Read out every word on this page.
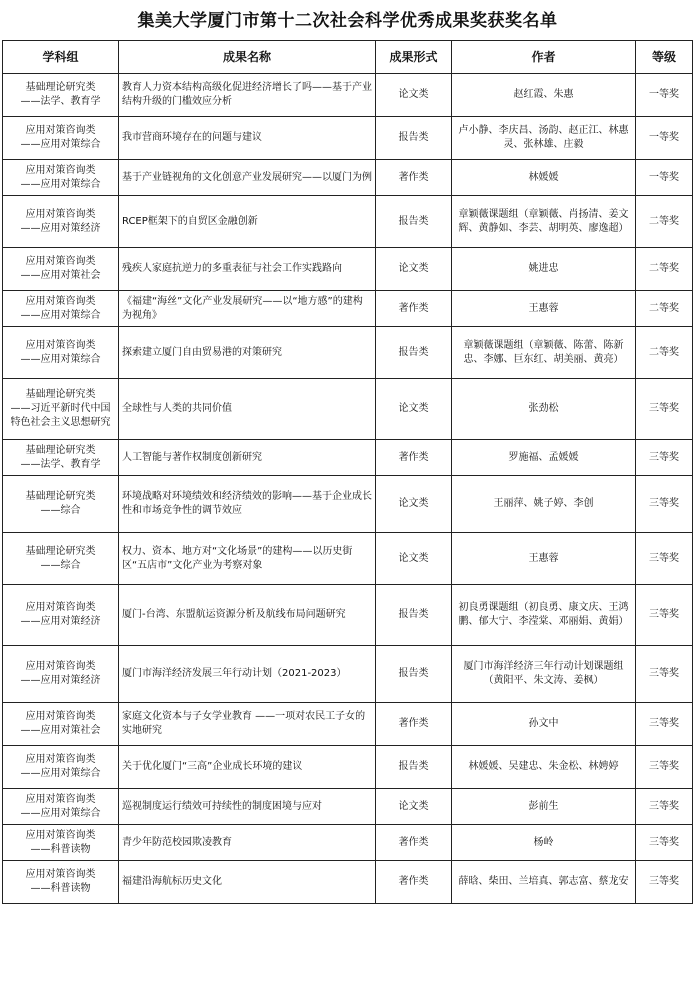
集美大学厦门市第十二次社会科学优秀成果奖获奖名单
学科组	成果名称	成果形式	作者	等级

基础理论研究类
——法学、教育学	教育人力资本结构高级化促进经济增长了吗——基于产业结构升级的门槛效应分析	论文类	赵红霞、朱惠	一等奖

应用对策咨询类
——应用对策综合	我市营商环境存在的问题与建议	报告类	卢小静、李庆昌、汤韵、赵正江、林惠灵、张林雄、庄毅	一等奖

应用对策咨询类
——应用对策综合	基于产业链视角的文化创意产业发展研究——以厦门为例	著作类	林媛媛	一等奖

应用对策咨询类
——应用对策经济	RCEP框架下的自贸区金融创新	报告类	章颖薇课题组（章颖薇、肖扬清、姜文辉、黄静如、李芸、胡明英、廖逸超）	二等奖

应用对策咨询类
——应用对策社会	残疾人家庭抗逆力的多重表征与社会工作实践路向	论文类	姚进忠	二等奖

应用对策咨询类
——应用对策综合	《福建“海丝”文化产业发展研究——以“地方感”的建构为视角》	著作类	王惠蓉	二等奖

应用对策咨询类
——应用对策综合	探索建立厦门自由贸易港的对策研究	报告类	章颖薇课题组（章颖薇、陈蕾、陈新忠、李娜、巨东红、胡美丽、黄亮）	二等奖

基础理论研究类
——习近平新时代中国特色社会主义思想研究	全球性与人类的共同价值	论文类	张劲松	三等奖

基础理论研究类
——法学、教育学	人工智能与著作权制度创新研究	著作类	罗施福、孟媛媛	三等奖

基础理论研究类
——综合	环境战略对环境绩效和经济绩效的影响——基于企业成长性和市场竞争性的调节效应	论文类	王丽萍、姚子婷、李创	三等奖

基础理论研究类
——综合	权力、资本、地方对“文化场景”的建构——以历史街区“五店市”文化产业为考察对象	论文类	王惠蓉	三等奖

应用对策咨询类
——应用对策经济	厦门-台湾、东盟航运资源分析及航线布局问题研究	报告类	初良勇课题组（初良勇、康文庆、王鸿鹏、郁大宁、李滢棠、邓丽娟、黄娟）	三等奖

应用对策咨询类
——应用对策经济	厦门市海洋经济发展三年行动计划（2021-2023）	报告类	厦门市海洋经济三年行动计划课题组（黄阳平、朱文涛、姜枫）	三等奖

应用对策咨询类
——应用对策社会	家庭文化资本与子女学业教育 ——一项对农民工子女的实地研究	著作类	孙文中	三等奖

应用对策咨询类
——应用对策综合	关于优化厦门“三高”企业成长环境的建议	报告类	林媛媛、吴建忠、朱金松、林娉婷	三等奖

应用对策咨询类
——应用对策综合	巡视制度运行绩效可持续性的制度困境与应对	论文类	彭前生	三等奖

应用对策咨询类
——科普读物	青少年防范校园欺凌教育	著作类	杨岭	三等奖

应用对策咨询类
——科普读物	福建沿海航标历史文化	著作类	薛晗、柴田、兰培真、郭志富、蔡龙安	三等奖
